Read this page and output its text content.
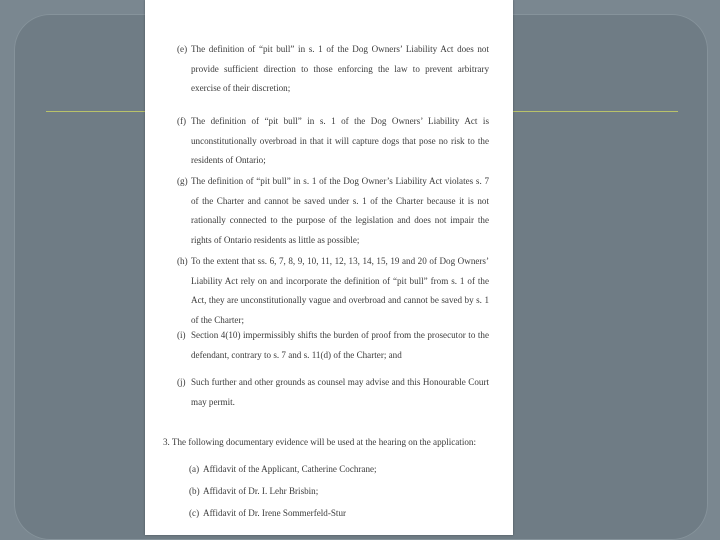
(e) The definition of “pit bull” in s. 1 of the Dog Owners’ Liability Act does not provide sufficient direction to those enforcing the law to prevent arbitrary exercise of their discretion;
(f) The definition of “pit bull” in s. 1 of the Dog Owners’ Liability Act is unconstitutionally overbroad in that it will capture dogs that pose no risk to the residents of Ontario;
(g) The definition of “pit bull” in s. 1 of the Dog Owner’s Liability Act violates s. 7 of the Charter and cannot be saved under s. 1 of the Charter because it is not rationally connected to the purpose of the legislation and does not impair the rights of Ontario residents as little as possible;
(h) To the extent that ss. 6, 7, 8, 9, 10, 11, 12, 13, 14, 15, 19 and 20 of Dog Owners’ Liability Act rely on and incorporate the definition of “pit bull” from s. 1 of the Act, they are unconstitutionally vague and overbroad and cannot be saved by s. 1 of the Charter;
(i) Section 4(10) impermissibly shifts the burden of proof from the prosecutor to the defendant, contrary to s. 7 and s. 11(d) of the Charter; and
(j) Such further and other grounds as counsel may advise and this Honourable Court may permit.
3. The following documentary evidence will be used at the hearing on the application:
(a) Affidavit of the Applicant, Catherine Cochrane;
(b) Affidavit of Dr. I. Lehr Brisbin;
(c) Affidavit of Dr. Irene Sommerfeld-Stur
